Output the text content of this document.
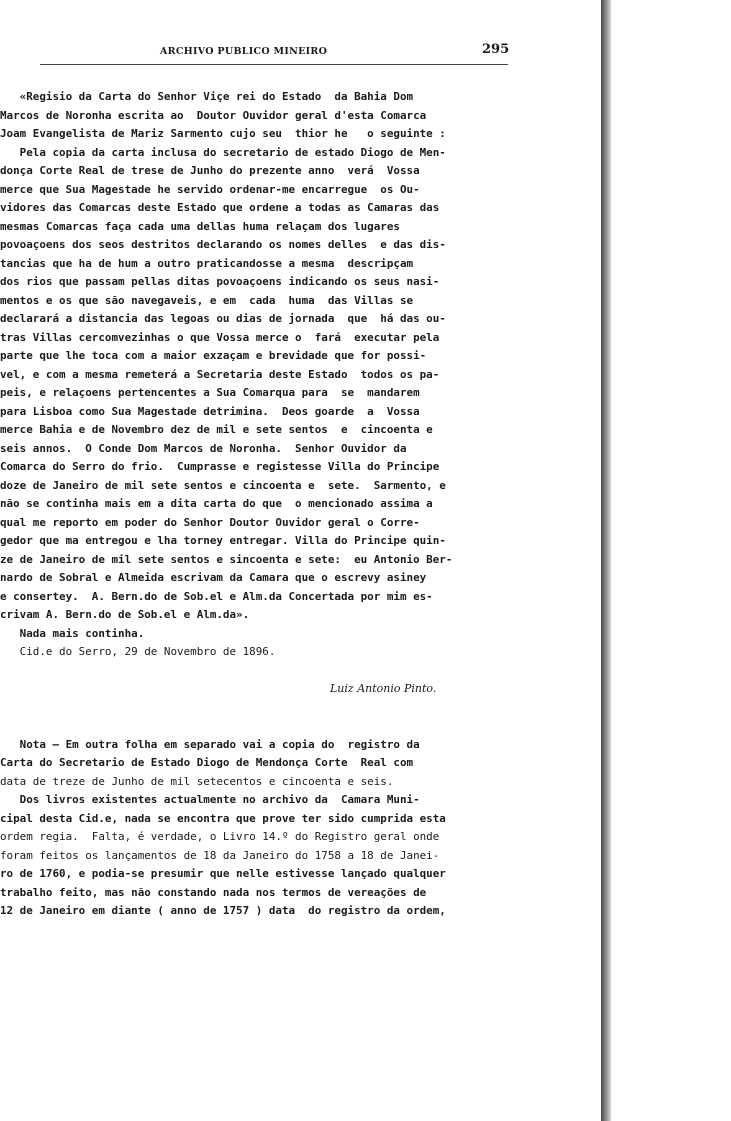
ARCHIVO PUBLICO MINEIRO	295
«Regisio da Carta do Senhor Viçe rei do Estado  da Bahia Dom
Marcos de Noronha escrita ao  Doutor Ouvidor geral d'esta Comarca
Joam Evangelista de Mariz Sarmento cujo seu  thior he   o seguinte :
Pela copia da carta inclusa do secretario de estado Diogo de Men-
donça Corte Real de trese de Junho do prezente anno  verá  Vossa
merce que Sua Magestade he servido ordenar-me encarregue  os Ou-
vidores das Comarcas deste Estado que ordene a todas as Camaras das
mesmas Comarcas faça cada uma dellas huma relaçam dos lugares
povoaçoens dos seos destritos declarando os nomes delles  e das dis-
tancias que ha de hum a outro praticandosse a mesma  descripçam
dos rios que passam pellas ditas povoaçoens indicando os seus nasi-
mentos e os que são navegaveis, e em  cada  huma  das Villas se
declarará a distancia das legoas ou dias de jornada  que  há das ou-
tras Villas cercomvezinhas o que Vossa merce o  fará  executar pela
parte que lhe toca com a maior exzaçam e brevidade que for possi-
vel, e com a mesma remeterá a Secretaria deste Estado  todos os pa-
peis, e relaçoens pertencentes a Sua Comarqua para  se  mandarem
para Lisboa como Sua Magestade detrimina.  Deos goarde  a  Vossa
merce Bahia e de Novembro dez de mil e sete sentos  e  cincoenta e
seis annos.  O Conde Dom Marcos de Noronha.  Senhor Ouvidor da
Comarca do Serro do frio.  Cumprasse e registesse Villa do Principe
doze de Janeiro de mil sete sentos e cincoenta e  sete.  Sarmento, e
não se continha mais em a dita carta do que  o mencionado assima a
qual me reporto em poder do Senhor Doutor Ouvidor geral o Corre-
gedor que ma entregou e lha torney entregar. Villa do Principe quin-
ze de Janeiro de mil sete sentos e sincoenta e sete:  eu Antonio Ber-
nardo de Sobral e Almeida escrivam da Camara que o escrevy asiney
e consertey.  A. Bern.do de Sob.el e Alm.da Concertada por mim es-
crivam A. Bern.do de Sob.el e Alm.da».
Nada mais continha.
Cid.e do Serro, 29 de Novembro de 1896.
Luiz Antonio Pinto.
Nota — Em outra folha em separado vai a copia do  registro da
Carta do Secretario de Estado Diogo de Mendonça Corte  Real com
data de treze de Junho de mil setecentos e cincoenta e seis.
Dos livros existentes actualmente no archivo da  Camara Muni-
cipal desta Cid.e, nada se encontra que prove ter sido cumprida esta
ordem regia.  Falta, é verdade, o Livro 14.º do Registro geral onde
foram feitos os lançamentos de 18 da Janeiro do 1758 a 18 de Janei-
ro de 1760, e podia-se presumir que nelle estivesse lançado qualquer
trabalho feito, mas não constando nada nos termos de vereações de
12 de Janeiro em diante ( anno de 1757 ) data  do registro da ordem,
